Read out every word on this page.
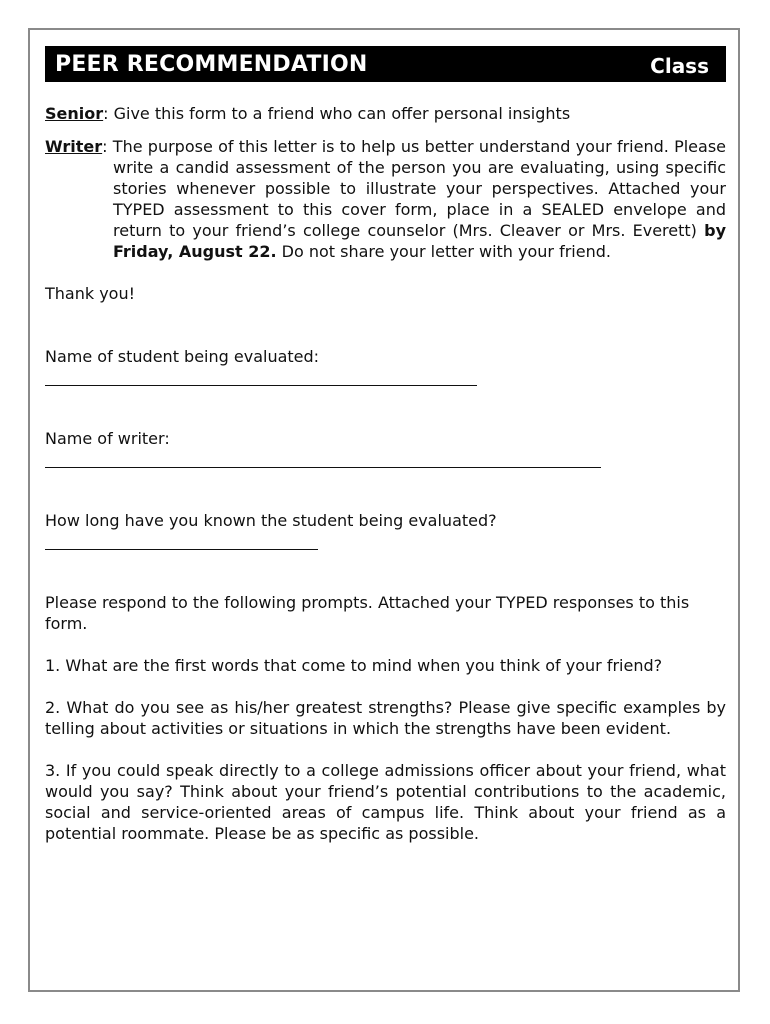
PEER RECOMMENDATION	Class

Senior: Give this form to a friend who can offer personal insights

Writer: The purpose of this letter is to help us better understand your friend. Please write a candid assessment of the person you are evaluating, using specific stories whenever possible to illustrate your perspectives. Attached your TYPED assessment to this cover form, place in a SEALED envelope and return to your friend’s college counselor (Mrs. Cleaver or Mrs. Everett) by Friday, August 22. Do not share your letter with your friend.

Thank you!

Name of student being evaluated:

Name of writer:

How long have you known the student being evaluated?

Please respond to the following prompts. Attached your TYPED responses to this form.

1. What are the first words that come to mind when you think of your friend?

2. What do you see as his/her greatest strengths? Please give specific examples by telling about activities or situations in which the strengths have been evident.

3. If you could speak directly to a college admissions officer about your friend, what would you say? Think about your friend’s potential contributions to the academic, social and service-oriented areas of campus life. Think about your friend as a potential roommate. Please be as specific as possible.
